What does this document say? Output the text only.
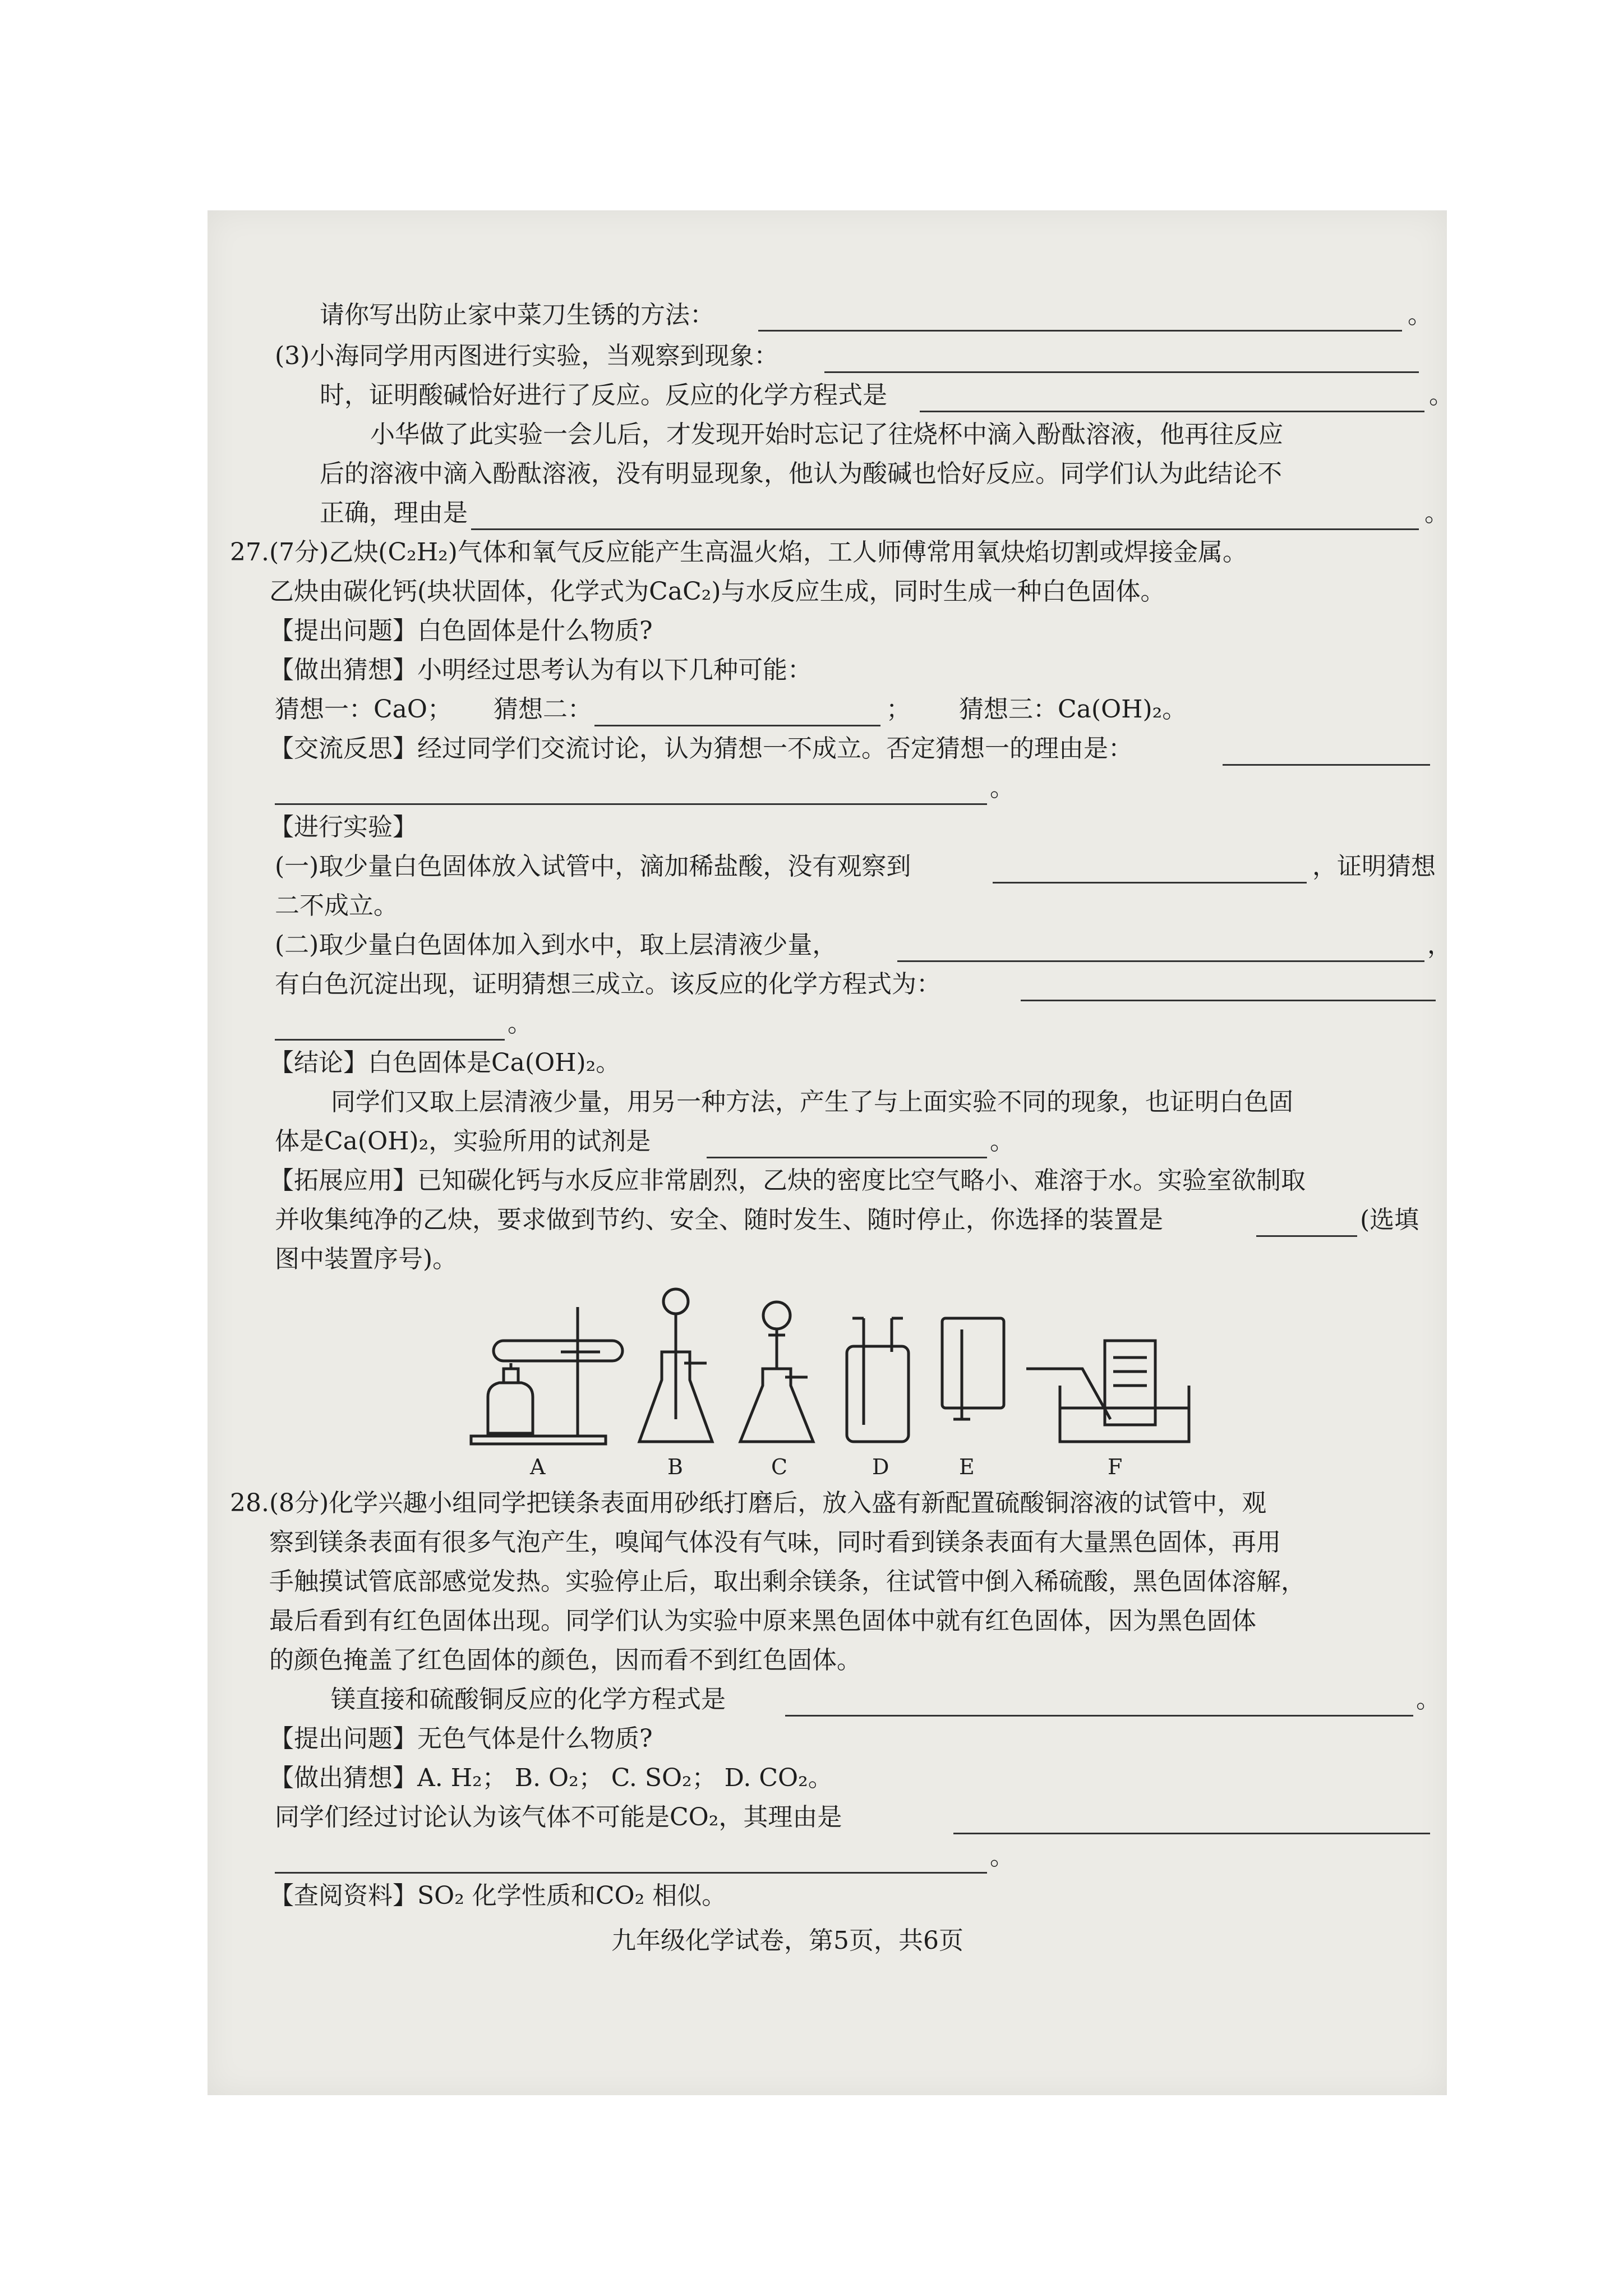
请你写出防止家中菜刀生锈的方法：	。
(3)小海同学用丙图进行实验，当观察到现象：
时，证明酸碱恰好进行了反应。反应的化学方程式是	。
小华做了此实验一会儿后，才发现开始时忘记了往烧杯中滴入酚酞溶液，他再往反应
后的溶液中滴入酚酞溶液，没有明显现象，他认为酸碱也恰好反应。同学们认为此结论不
正确，理由是	。
27.(7分)乙炔(C₂H₂)气体和氧气反应能产生高温火焰，工人师傅常用氧炔焰切割或焊接金属。
乙炔由碳化钙(块状固体，化学式为CaC₂)与水反应生成，同时生成一种白色固体。
【提出问题】白色固体是什么物质?
【做出猜想】小明经过思考认为有以下几种可能：
猜想一：CaO； 猜想二：	； 猜想三：Ca(OH)₂。
【交流反思】经过同学们交流讨论，认为猜想一不成立。否定猜想一的理由是：
。
【进行实验】
(一)取少量白色固体放入试管中，滴加稀盐酸，没有观察到	，证明猜想
二不成立。
(二)取少量白色固体加入到水中，取上层清液少量，	，
有白色沉淀出现，证明猜想三成立。该反应的化学方程式为：
。
【结论】白色固体是Ca(OH)₂。
同学们又取上层清液少量，用另一种方法，产生了与上面实验不同的现象，也证明白色固
体是Ca(OH)₂，实验所用的试剂是	。
【拓展应用】已知碳化钙与水反应非常剧烈，乙炔的密度比空气略小、难溶于水。实验室欲制取
并收集纯净的乙炔，要求做到节约、安全、随时发生、随时停止，你选择的装置是	(选填
图中装置序号)。
A	B	C	D	E	F
28.(8分)化学兴趣小组同学把镁条表面用砂纸打磨后，放入盛有新配置硫酸铜溶液的试管中，观
察到镁条表面有很多气泡产生，嗅闻气体没有气味，同时看到镁条表面有大量黑色固体，再用
手触摸试管底部感觉发热。实验停止后，取出剩余镁条，往试管中倒入稀硫酸，黑色固体溶解，
最后看到有红色固体出现。同学们认为实验中原来黑色固体中就有红色固体，因为黑色固体
的颜色掩盖了红色固体的颜色，因而看不到红色固体。
镁直接和硫酸铜反应的化学方程式是	。
【提出问题】无色气体是什么物质?
【做出猜想】A. H₂； B. O₂； C. SO₂； D. CO₂。
同学们经过讨论认为该气体不可能是CO₂，其理由是
。
【查阅资料】SO₂ 化学性质和CO₂ 相似。
九年级化学试卷，第5页，共6页
